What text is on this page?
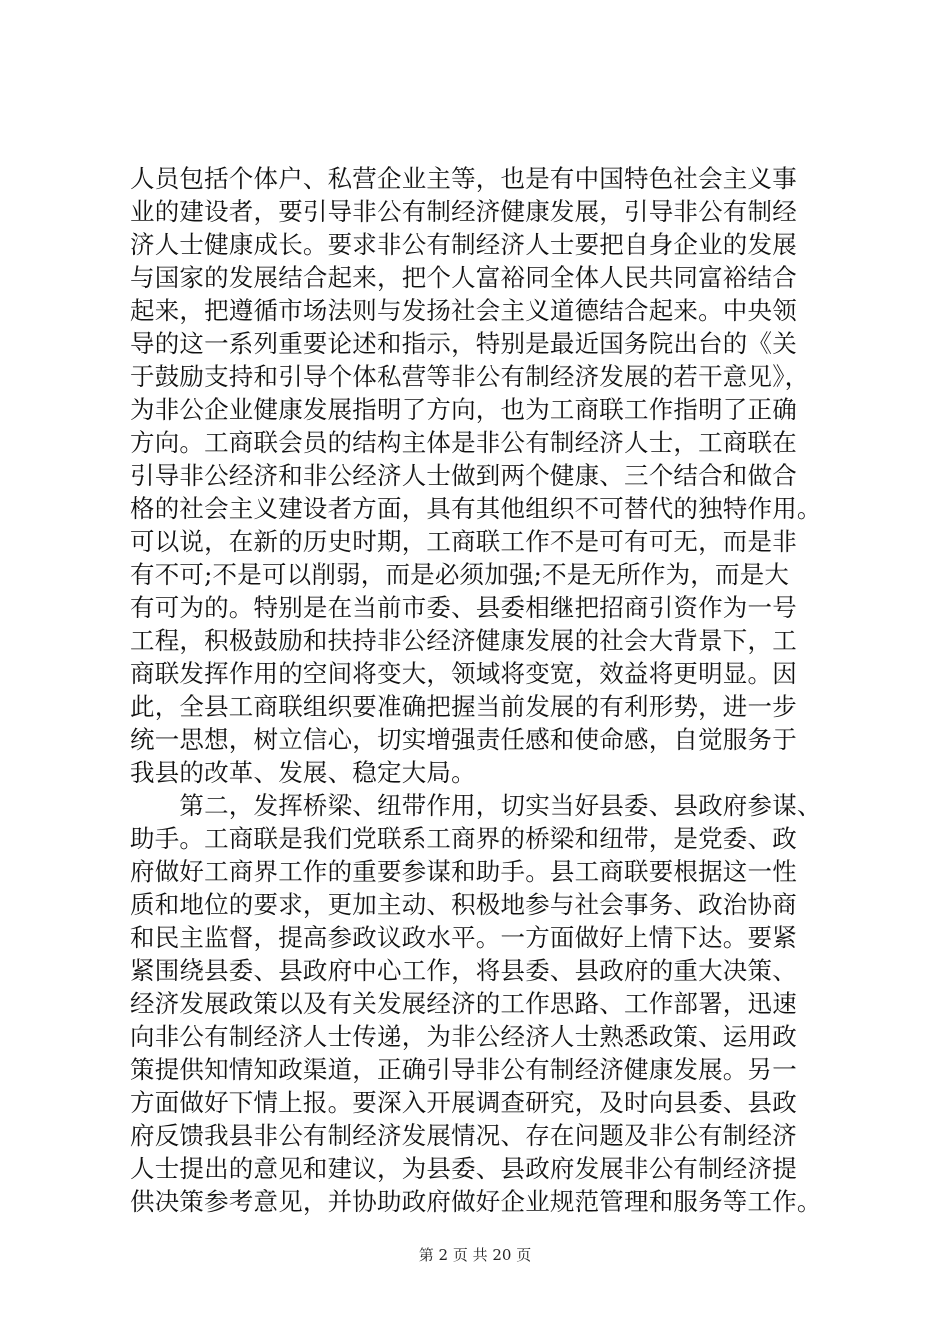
人员包括个体户、私营企业主等，也是有中国特色社会主义事
业的建设者，要引导非公有制经济健康发展，引导非公有制经
济人士健康成长。要求非公有制经济人士要把自身企业的发展
与国家的发展结合起来，把个人富裕同全体人民共同富裕结合
起来，把遵循市场法则与发扬社会主义道德结合起来。中央领
导的这一系列重要论述和指示，特别是最近国务院出台的《关
于鼓励支持和引导个体私营等非公有制经济发展的若干意见》，
为非公企业健康发展指明了方向，也为工商联工作指明了正确
方向。工商联会员的结构主体是非公有制经济人士，工商联在
引导非公经济和非公经济人士做到两个健康、三个结合和做合
格的社会主义建设者方面，具有其他组织不可替代的独特作用。
可以说，在新的历史时期，工商联工作不是可有可无，而是非
有不可;不是可以削弱，而是必须加强;不是无所作为，而是大
有可为的。特别是在当前市委、县委相继把招商引资作为一号
工程，积极鼓励和扶持非公经济健康发展的社会大背景下，工
商联发挥作用的空间将变大，领域将变宽，效益将更明显。因
此，全县工商联组织要准确把握当前发展的有利形势，进一步
统一思想，树立信心，切实增强责任感和使命感，自觉服务于
我县的改革、发展、稳定大局。
　　第二，发挥桥梁、纽带作用，切实当好县委、县政府参谋、
助手。工商联是我们党联系工商界的桥梁和纽带，是党委、政
府做好工商界工作的重要参谋和助手。县工商联要根据这一性
质和地位的要求，更加主动、积极地参与社会事务、政治协商
和民主监督，提高参政议政水平。一方面做好上情下达。要紧
紧围绕县委、县政府中心工作，将县委、县政府的重大决策、
经济发展政策以及有关发展经济的工作思路、工作部署，迅速
向非公有制经济人士传递，为非公经济人士熟悉政策、运用政
策提供知情知政渠道，正确引导非公有制经济健康发展。另一
方面做好下情上报。要深入开展调查研究，及时向县委、县政
府反馈我县非公有制经济发展情况、存在问题及非公有制经济
人士提出的意见和建议，为县委、县政府发展非公有制经济提
供决策参考意见，并协助政府做好企业规范管理和服务等工作。
第 2 页 共 20 页
